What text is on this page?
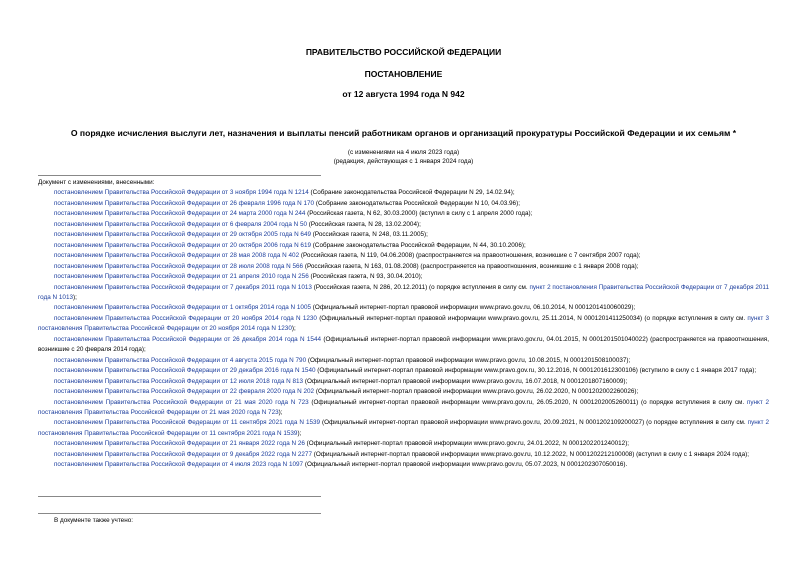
ПРАВИТЕЛЬСТВО РОССИЙСКОЙ ФЕДЕРАЦИИ
ПОСТАНОВЛЕНИЕ
от 12 августа 1994 года N 942
О порядке исчисления выслуги лет, назначения и выплаты пенсий работникам органов и организаций прокуратуры Российской Федерации и их семьям *
(с изменениями на 4 июля 2023 года)
(редакция, действующая с 1 января 2024 года)

Документ с изменениями, внесенными:

постановлением Правительства Российской Федерации от 3 ноября 1994 года N 1214 (Собрание законодательства Российской Федерации N 29, 14.02.94);

постановлением Правительства Российской Федерации от 26 февраля 1996 года N 170 (Собрание законодательства Российской Федерации N 10, 04.03.96);

постановлением Правительства Российской Федерации от 24 марта 2000 года N 244 (Российская газета, N 62, 30.03.2000) (вступил в силу с 1 апреля 2000 года);

постановлением Правительства Российской Федерации от 6 февраля 2004 года N 50 (Российская газета, N 28, 13.02.2004);

постановлением Правительства Российской Федерации от 29 октября 2005 года N 649 (Российская газета, N 248, 03.11.2005);

постановлением Правительства Российской Федерации от 20 октября 2006 года N 619 (Собрание законодательства Российской Федерации, N 44, 30.10.2006);

постановлением Правительства Российской Федерации от 28 мая 2008 года N 402 (Российская газета, N 119, 04.06.2008) (распространяется на правоотношения, возникшие с 7 сентября 2007 года);

постановлением Правительства Российской Федерации от 28 июля 2008 года N 566 (Российская газета, N 163, 01.08.2008) (распространяется на правоотношения, возникшие с 1 января 2008 года);

постановлением Правительства Российской Федерации от 21 апреля 2010 года N 256 (Российская газета, N 93, 30.04.2010);

постановлением Правительства Российской Федерации от 7 декабря 2011 года N 1013 (Российская газета, N 286, 20.12.2011) (о порядке вступления в силу см. пункт 2 постановления Правительства Российской Федерации от 7 декабря 2011 года N 1013);

постановлением Правительства Российской Федерации от 1 октября 2014 года N 1005 (Официальный интернет-портал правовой информации www.pravo.gov.ru, 06.10.2014, N 0001201410060029);

постановлением Правительства Российской Федерации от 20 ноября 2014 года N 1230 (Официальный интернет-портал правовой информации www.pravo.gov.ru, 25.11.2014, N 0001201411250034) (о порядке вступления в силу см. пункт 3 постановления Правительства Российской Федерации от 20 ноября 2014 года N 1230);

постановлением Правительства Российской Федерации от 26 декабря 2014 года N 1544 (Официальный интернет-портал правовой информации www.pravo.gov.ru, 04.01.2015, N 0001201501040022) (распространяется на правоотношения, возникшие с 20 февраля 2014 года);

постановлением Правительства Российской Федерации от 4 августа 2015 года N 790 (Официальный интернет-портал правовой информации www.pravo.gov.ru, 10.08.2015, N 0001201508100037);

постановлением Правительства Российской Федерации от 29 декабря 2016 года N 1540 (Официальный интернет-портал правовой информации www.pravo.gov.ru, 30.12.2016, N 0001201612300106) (вступило в силу с 1 января 2017 года);

постановлением Правительства Российской Федерации от 12 июля 2018 года N 813 (Официальный интернет-портал правовой информации www.pravo.gov.ru, 16.07.2018, N 0001201807160009);

постановлением Правительства Российской Федерации от 22 февраля 2020 года N 202 (Официальный интернет-портал правовой информации www.pravo.gov.ru, 26.02.2020, N 0001202002260026);

постановлением Правительства Российской Федерации от 21 мая 2020 года N 723 (Официальный интернет-портал правовой информации www.pravo.gov.ru, 26.05.2020, N 0001202005260011) (о порядке вступления в силу см. пункт 2 постановления Правительства Российской Федерации от 21 мая 2020 года N 723);

постановлением Правительства Российской Федерации от 11 сентября 2021 года N 1539 (Официальный интернет-портал правовой информации www.pravo.gov.ru, 20.09.2021, N 0001202109200027) (о порядке вступления в силу см. пункт 2 постановления Правительства Российской Федерации от 11 сентября 2021 года N 1539);

постановлением Правительства Российской Федерации от 21 января 2022 года N 26 (Официальный интернет-портал правовой информации www.pravo.gov.ru, 24.01.2022, N 0001202201240012);

постановлением Правительства Российской Федерации от 9 декабря 2022 года N 2277 (Официальный интернет-портал правовой информации www.pravo.gov.ru, 10.12.2022, N 0001202212100008) (вступил в силу с 1 января 2024 года);

постановлением Правительства Российской Федерации от 4 июля 2023 года N 1097 (Официальный интернет-портал правовой информации www.pravo.gov.ru, 05.07.2023, N 0001202307050016).

В документе также учтено:
